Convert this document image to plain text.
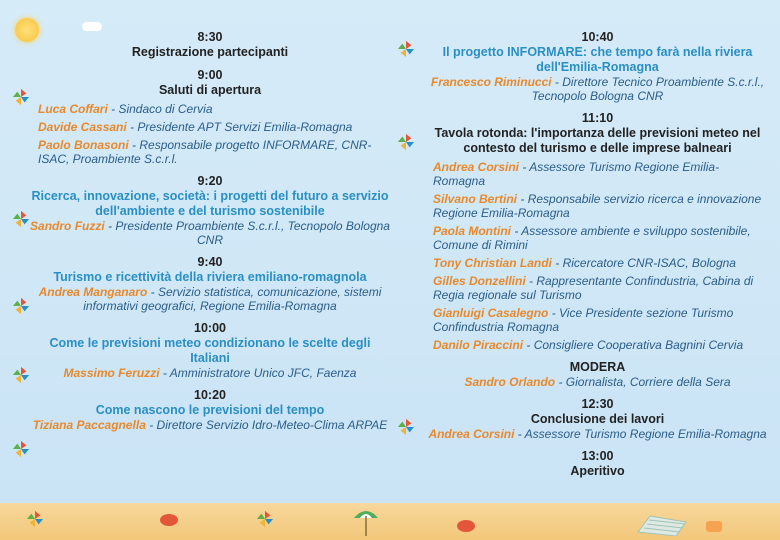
8:30
Registrazione partecipanti
9:00
Saluti di apertura
Luca Coffari - Sindaco di Cervia
Davide Cassani - Presidente APT Servizi Emilia-Romagna
Paolo Bonasoni - Responsabile progetto INFORMARE, CNR-ISAC, Proambiente S.c.r.l.
9:20
Ricerca, innovazione, società: i progetti del futuro a servizio dell'ambiente e del turismo sostenibile
Sandro Fuzzi - Presidente Proambiente S.c.r.l., Tecnopolo Bologna CNR
9:40
Turismo e ricettività della riviera emiliano-romagnola
Andrea Manganaro - Servizio statistica, comunicazione, sistemi informativi geografici, Regione Emilia-Romagna
10:00
Come le previsioni meteo condizionano le scelte degli Italiani
Massimo Feruzzi - Amministratore Unico JFC, Faenza
10:20
Come nascono le previsioni del tempo
Tiziana Paccagnella - Direttore Servizio Idro-Meteo-Clima ARPAE
10:40
Il progetto INFORMARE: che tempo farà nella riviera dell'Emilia-Romagna
Francesco Riminucci - Direttore Tecnico Proambiente S.c.r.l., Tecnopolo Bologna CNR
11:10
Tavola rotonda: l'importanza delle previsioni meteo nel contesto del turismo e delle imprese balneari
Andrea Corsini - Assessore Turismo Regione Emilia-Romagna
Silvano Bertini - Responsabile servizio ricerca e innovazione Regione Emilia-Romagna
Paola Montini - Assessore ambiente e sviluppo sostenibile, Comune di Rimini
Tony Christian Landi - Ricercatore CNR-ISAC, Bologna
Gilles Donzellini - Rappresentante Confindustria, Cabina di Regia regionale sul Turismo
Gianluigi Casalegno - Vice Presidente sezione Turismo Confindustria Romagna
Danilo Piraccini - Consigliere Cooperativa Bagnini Cervia
MODERA
Sandro Orlando - Giornalista, Corriere della Sera
12:30
Conclusione dei lavori
Andrea Corsini - Assessore Turismo Regione Emilia-Romagna
13:00
Aperitivo
